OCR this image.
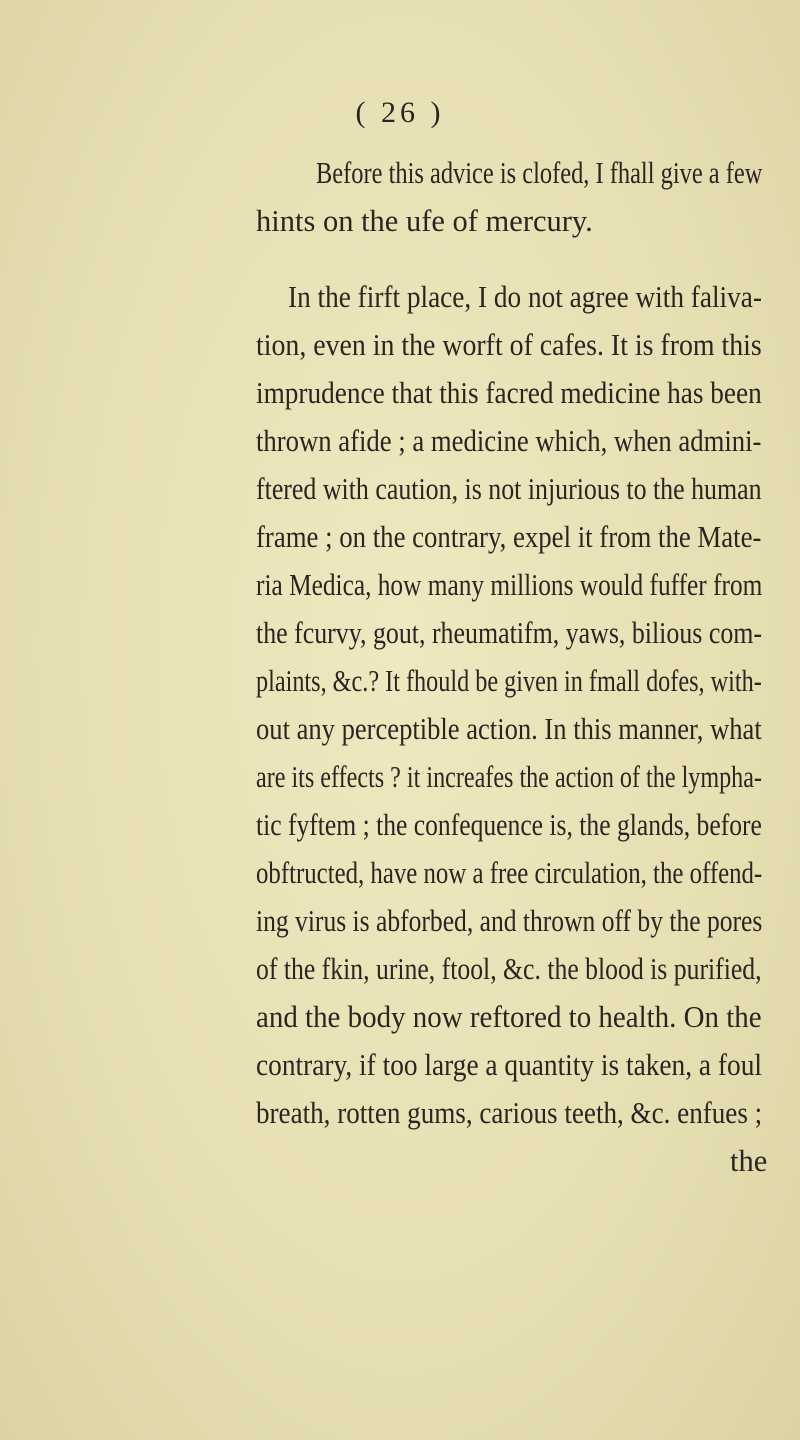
( 26 )
Before this advice is clofed, I fhall give a few
hints on the ufe of mercury.
In the firft place, I do not agree with faliva-
tion, even in the worft of cafes. It is from this
imprudence that this facred medicine has been
thrown afide ; a medicine which, when admini-
ftered with caution, is not injurious to the human
frame ; on the contrary, expel it from the Mate-
ria Medica, how many millions would fuffer from
the fcurvy, gout, rheumatifm, yaws, bilious com-
plaints, &c.? It fhould be given in fmall dofes, with-
out any perceptible action. In this manner, what
are its effects ? it increafes the action of the lympha-
tic fyftem ; the confequence is, the glands, before
obftructed, have now a free circulation, the offend-
ing virus is abforbed, and thrown off by the pores
of the fkin, urine, ftool, &c. the blood is purified,
and the body now reftored to health. On the
contrary, if too large a quantity is taken, a foul
breath, rotten gums, carious teeth, &c. enfues ;
the
